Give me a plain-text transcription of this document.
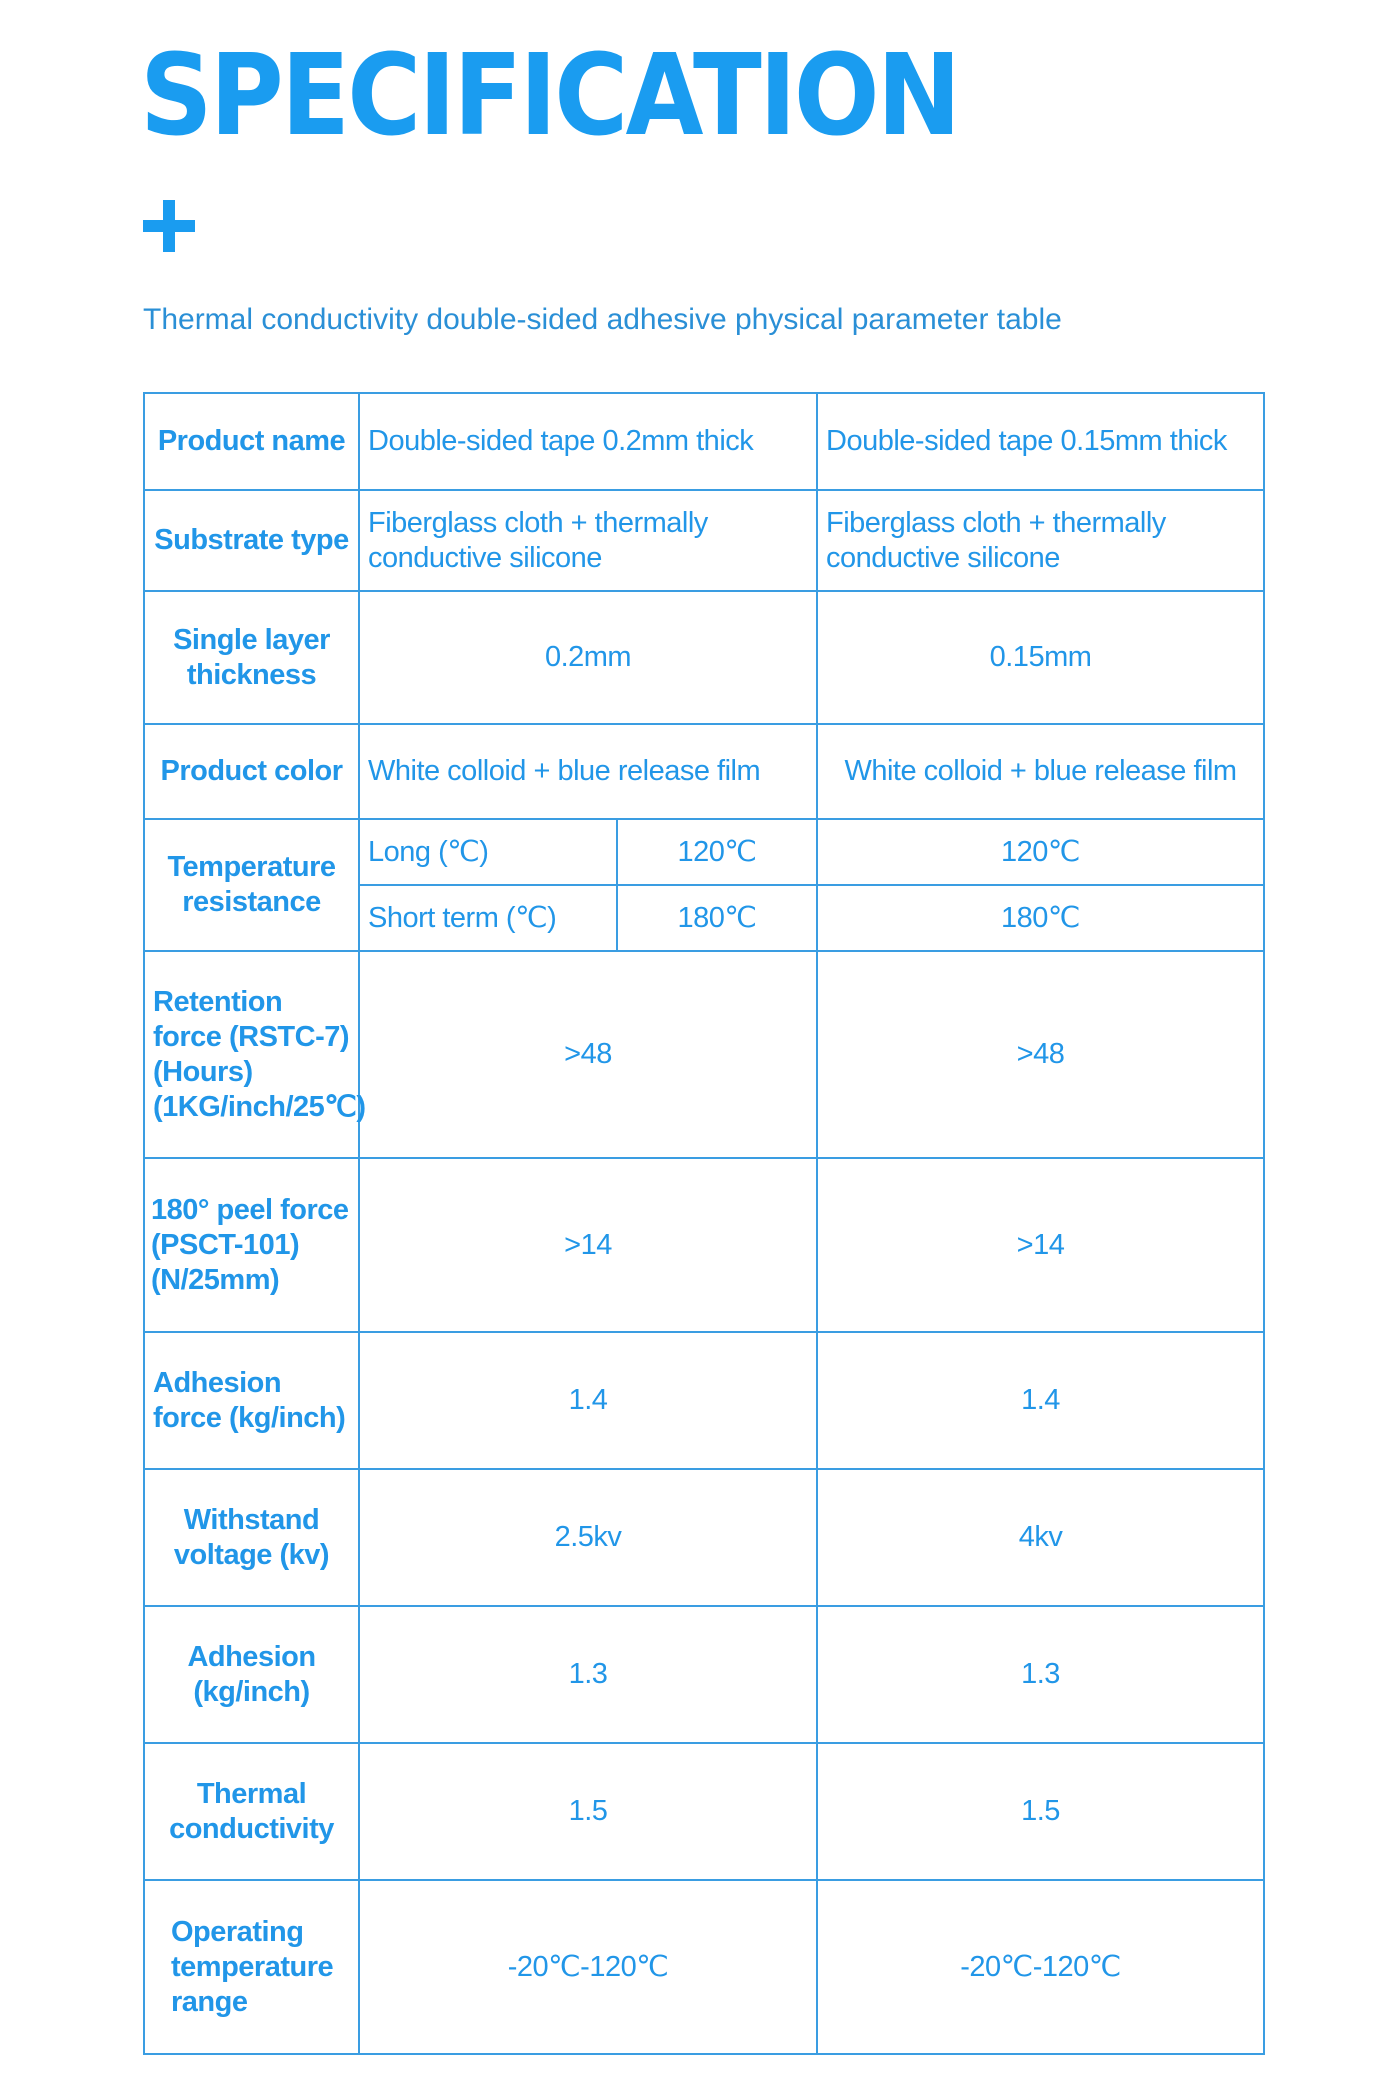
SPECIFICATION

Thermal conductivity double-sided adhesive physical parameter table

Product name	Double-sided tape 0.2mm thick		Double-sided tape 0.15mm thick
Substrate type	Fiberglass cloth + thermally conductive silicone		Fiberglass cloth + thermally conductive silicone
Single layer thickness	0.2mm		0.15mm
Product color	White colloid + blue release film		White colloid + blue release film
Temperature resistance	Long (℃)	120℃	120℃
	Short term (℃)	180℃	180℃
Retention force (RSTC-7) (Hours) (1KG/inch/25℃)	>48		>48
180° peel force (PSCT-101) (N/25mm)	>14		>14
Adhesion force (kg/inch)	1.4		1.4
Withstand voltage (kv)	2.5kv		4kv
Adhesion (kg/inch)	1.3		1.3
Thermal conductivity	1.5		1.5
Operating temperature range	-20℃-120℃		-20℃-120℃
